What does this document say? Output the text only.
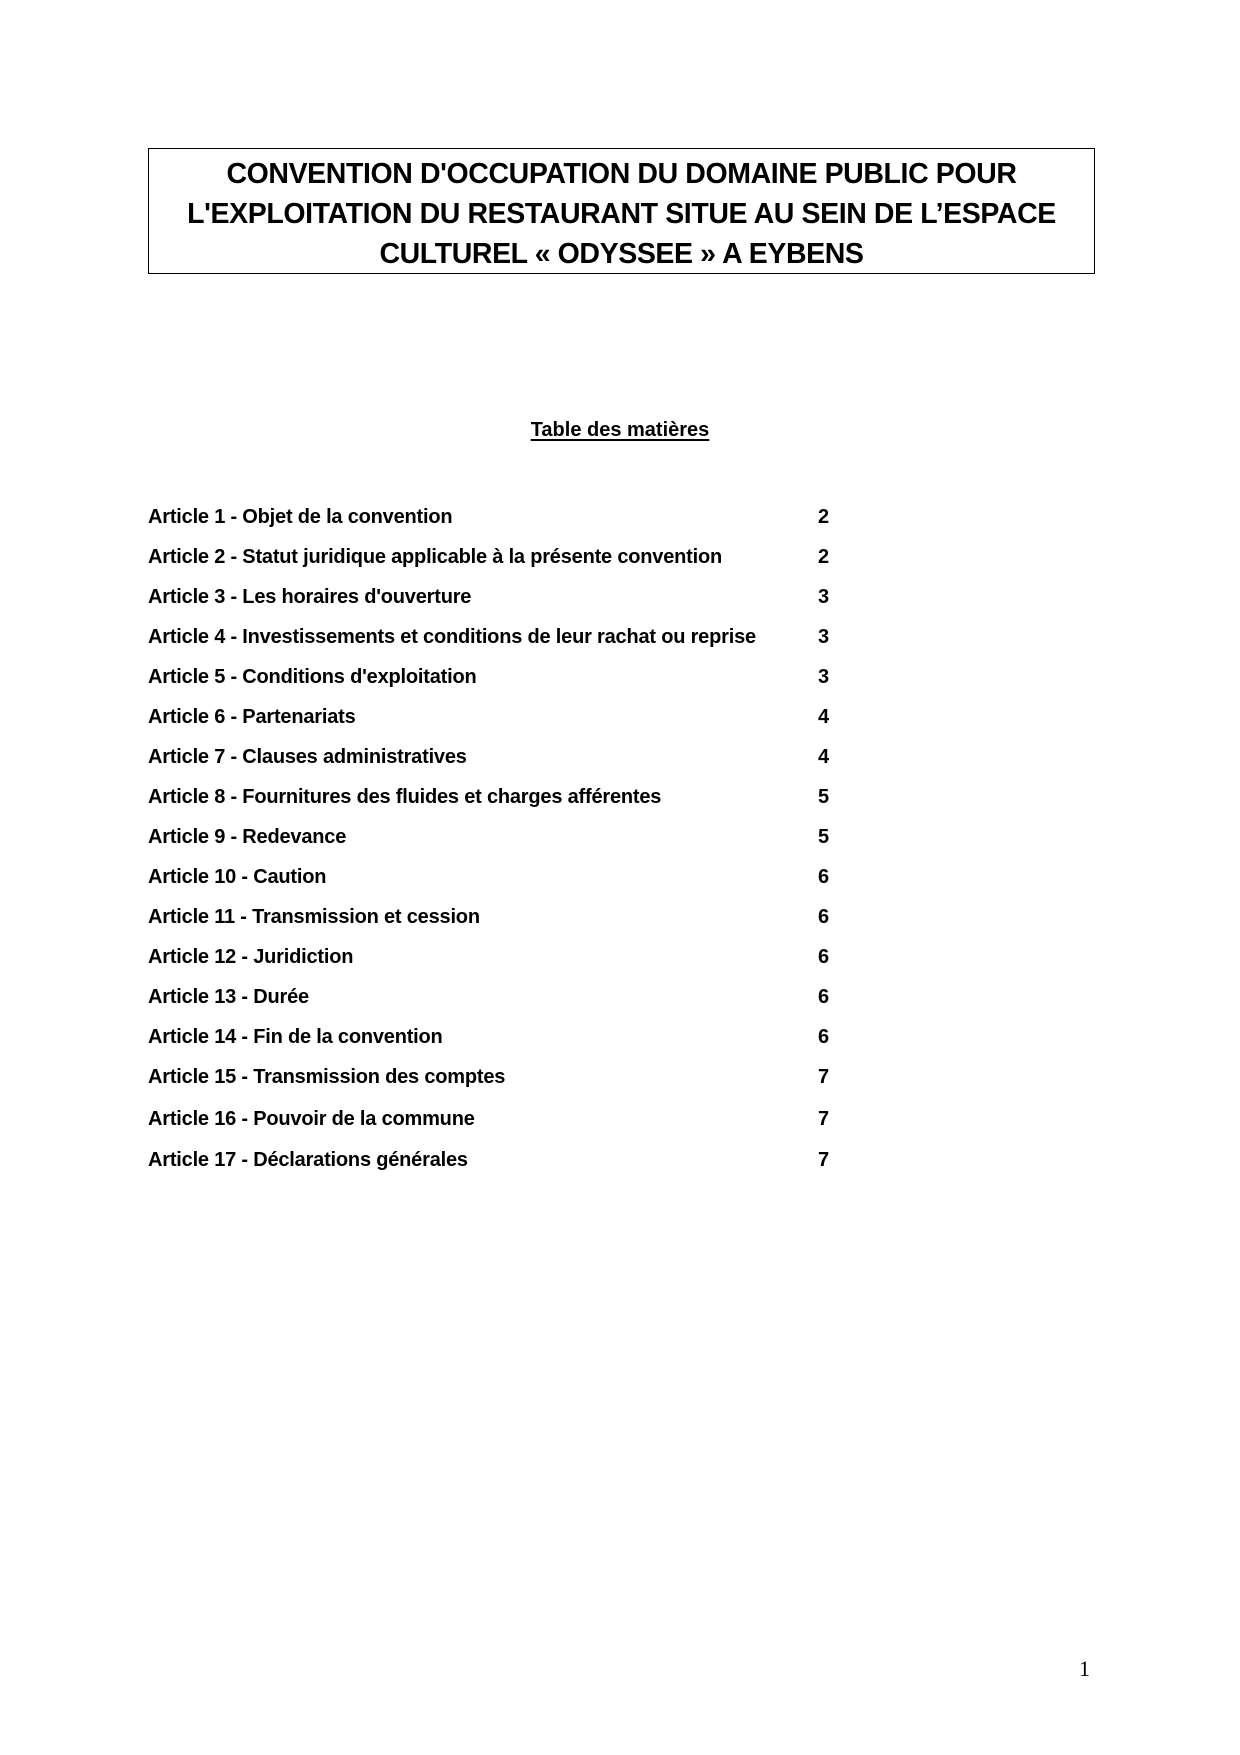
CONVENTION D'OCCUPATION DU DOMAINE PUBLIC POUR
L'EXPLOITATION DU RESTAURANT SITUE AU SEIN DE L’ESPACE
CULTUREL « ODYSSEE » A EYBENS
Table des matières
Article 1 - Objet de la convention	2
Article 2 - Statut juridique applicable à la présente convention	2
Article 3 - Les horaires d'ouverture	3
Article 4 - Investissements et conditions de leur rachat ou reprise	3
Article 5 - Conditions d'exploitation	3
Article 6 - Partenariats	4
Article 7 - Clauses administratives	4
Article 8 - Fournitures des fluides et charges afférentes	5
Article 9 - Redevance	5
Article 10 - Caution	6
Article 11 - Transmission et cession	6
Article 12 - Juridiction	6
Article 13 - Durée	6
Article 14 - Fin de la convention	6
Article 15 - Transmission des comptes	7
Article 16 - Pouvoir de la commune	7
Article 17 - Déclarations générales	7
1
